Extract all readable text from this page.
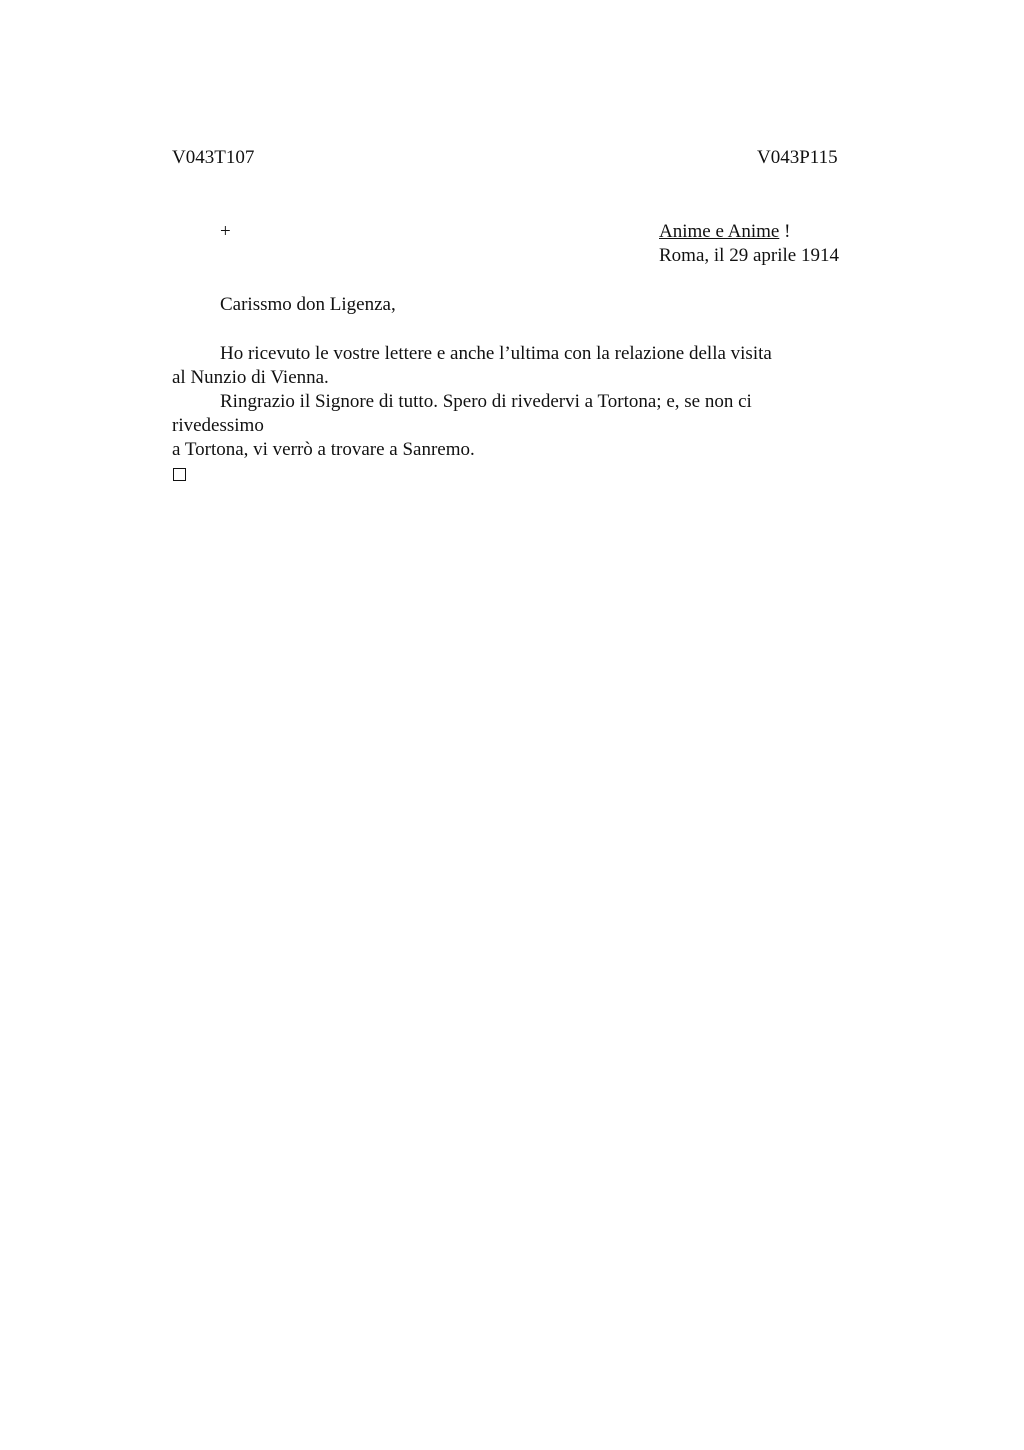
V043T107	V043P115
+	Anime e Anime !
Roma, il 29 aprile 1914
Carissmo don Ligenza,
Ho ricevuto le vostre lettere e anche l’ultima con la relazione della visita
al Nunzio di Vienna.
Ringrazio il Signore di tutto. Spero di rivedervi a Tortona; e, se non ci
rivedessimo
a Tortona, vi verrò a trovare a Sanremo.
